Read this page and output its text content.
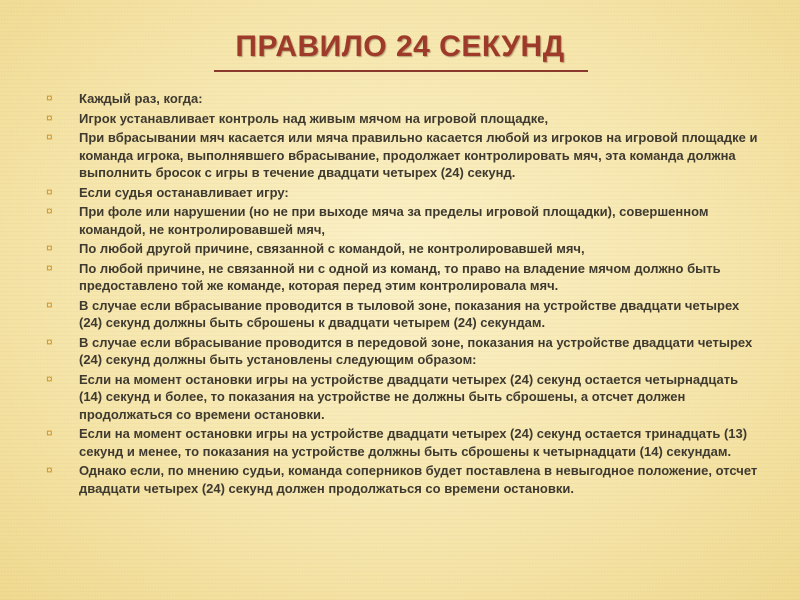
ПРАВИЛО 24 СЕКУНД
¤	Каждый раз, когда:
¤	Игрок устанавливает контроль над живым мячом на игровой площадке,
¤	При вбрасывании мяч касается или мяча правильно касается любой из игроков на игровой площадке и команда игрока, выполнявшего вбрасывание, продолжает контролировать мяч, эта команда должна выполнить бросок с игры в течение двадцати четырех (24) секунд.
¤	Если судья останавливает игру:
¤	При фоле или нарушении (но не при выходе мяча за пределы игровой площадки), совершенном командой, не контролировавшей мяч,
¤	По любой другой причине, связанной с командой, не контролировавшей мяч,
¤	По любой причине, не связанной ни с одной из команд, то право на владение мячом должно быть предоставлено той же команде, которая перед этим контролировала мяч.
¤	В случае если вбрасывание проводится в тыловой зоне, показания на устройстве двадцати четырех (24) секунд должны быть сброшены к двадцати четырем (24) секундам.
¤	В случае если вбрасывание проводится в передовой зоне, показания на устройстве двадцати четырех (24) секунд должны быть установлены следующим образом:
¤	Если на момент остановки игры на устройстве двадцати четырех (24) секунд остается четырнадцать (14) секунд и более, то показания на устройстве не должны быть сброшены, а отсчет должен продолжаться со времени остановки.
¤	Если на момент остановки игры на устройстве двадцати четырех (24) секунд остается тринадцать (13) секунд и менее, то показания на устройстве должны быть сброшены к четырнадцати (14) секундам.
¤	Однако если, по мнению судьи, команда соперников будет поставлена в невыгодное положение, отсчет двадцати четырех (24) секунд должен продолжаться со времени остановки.
